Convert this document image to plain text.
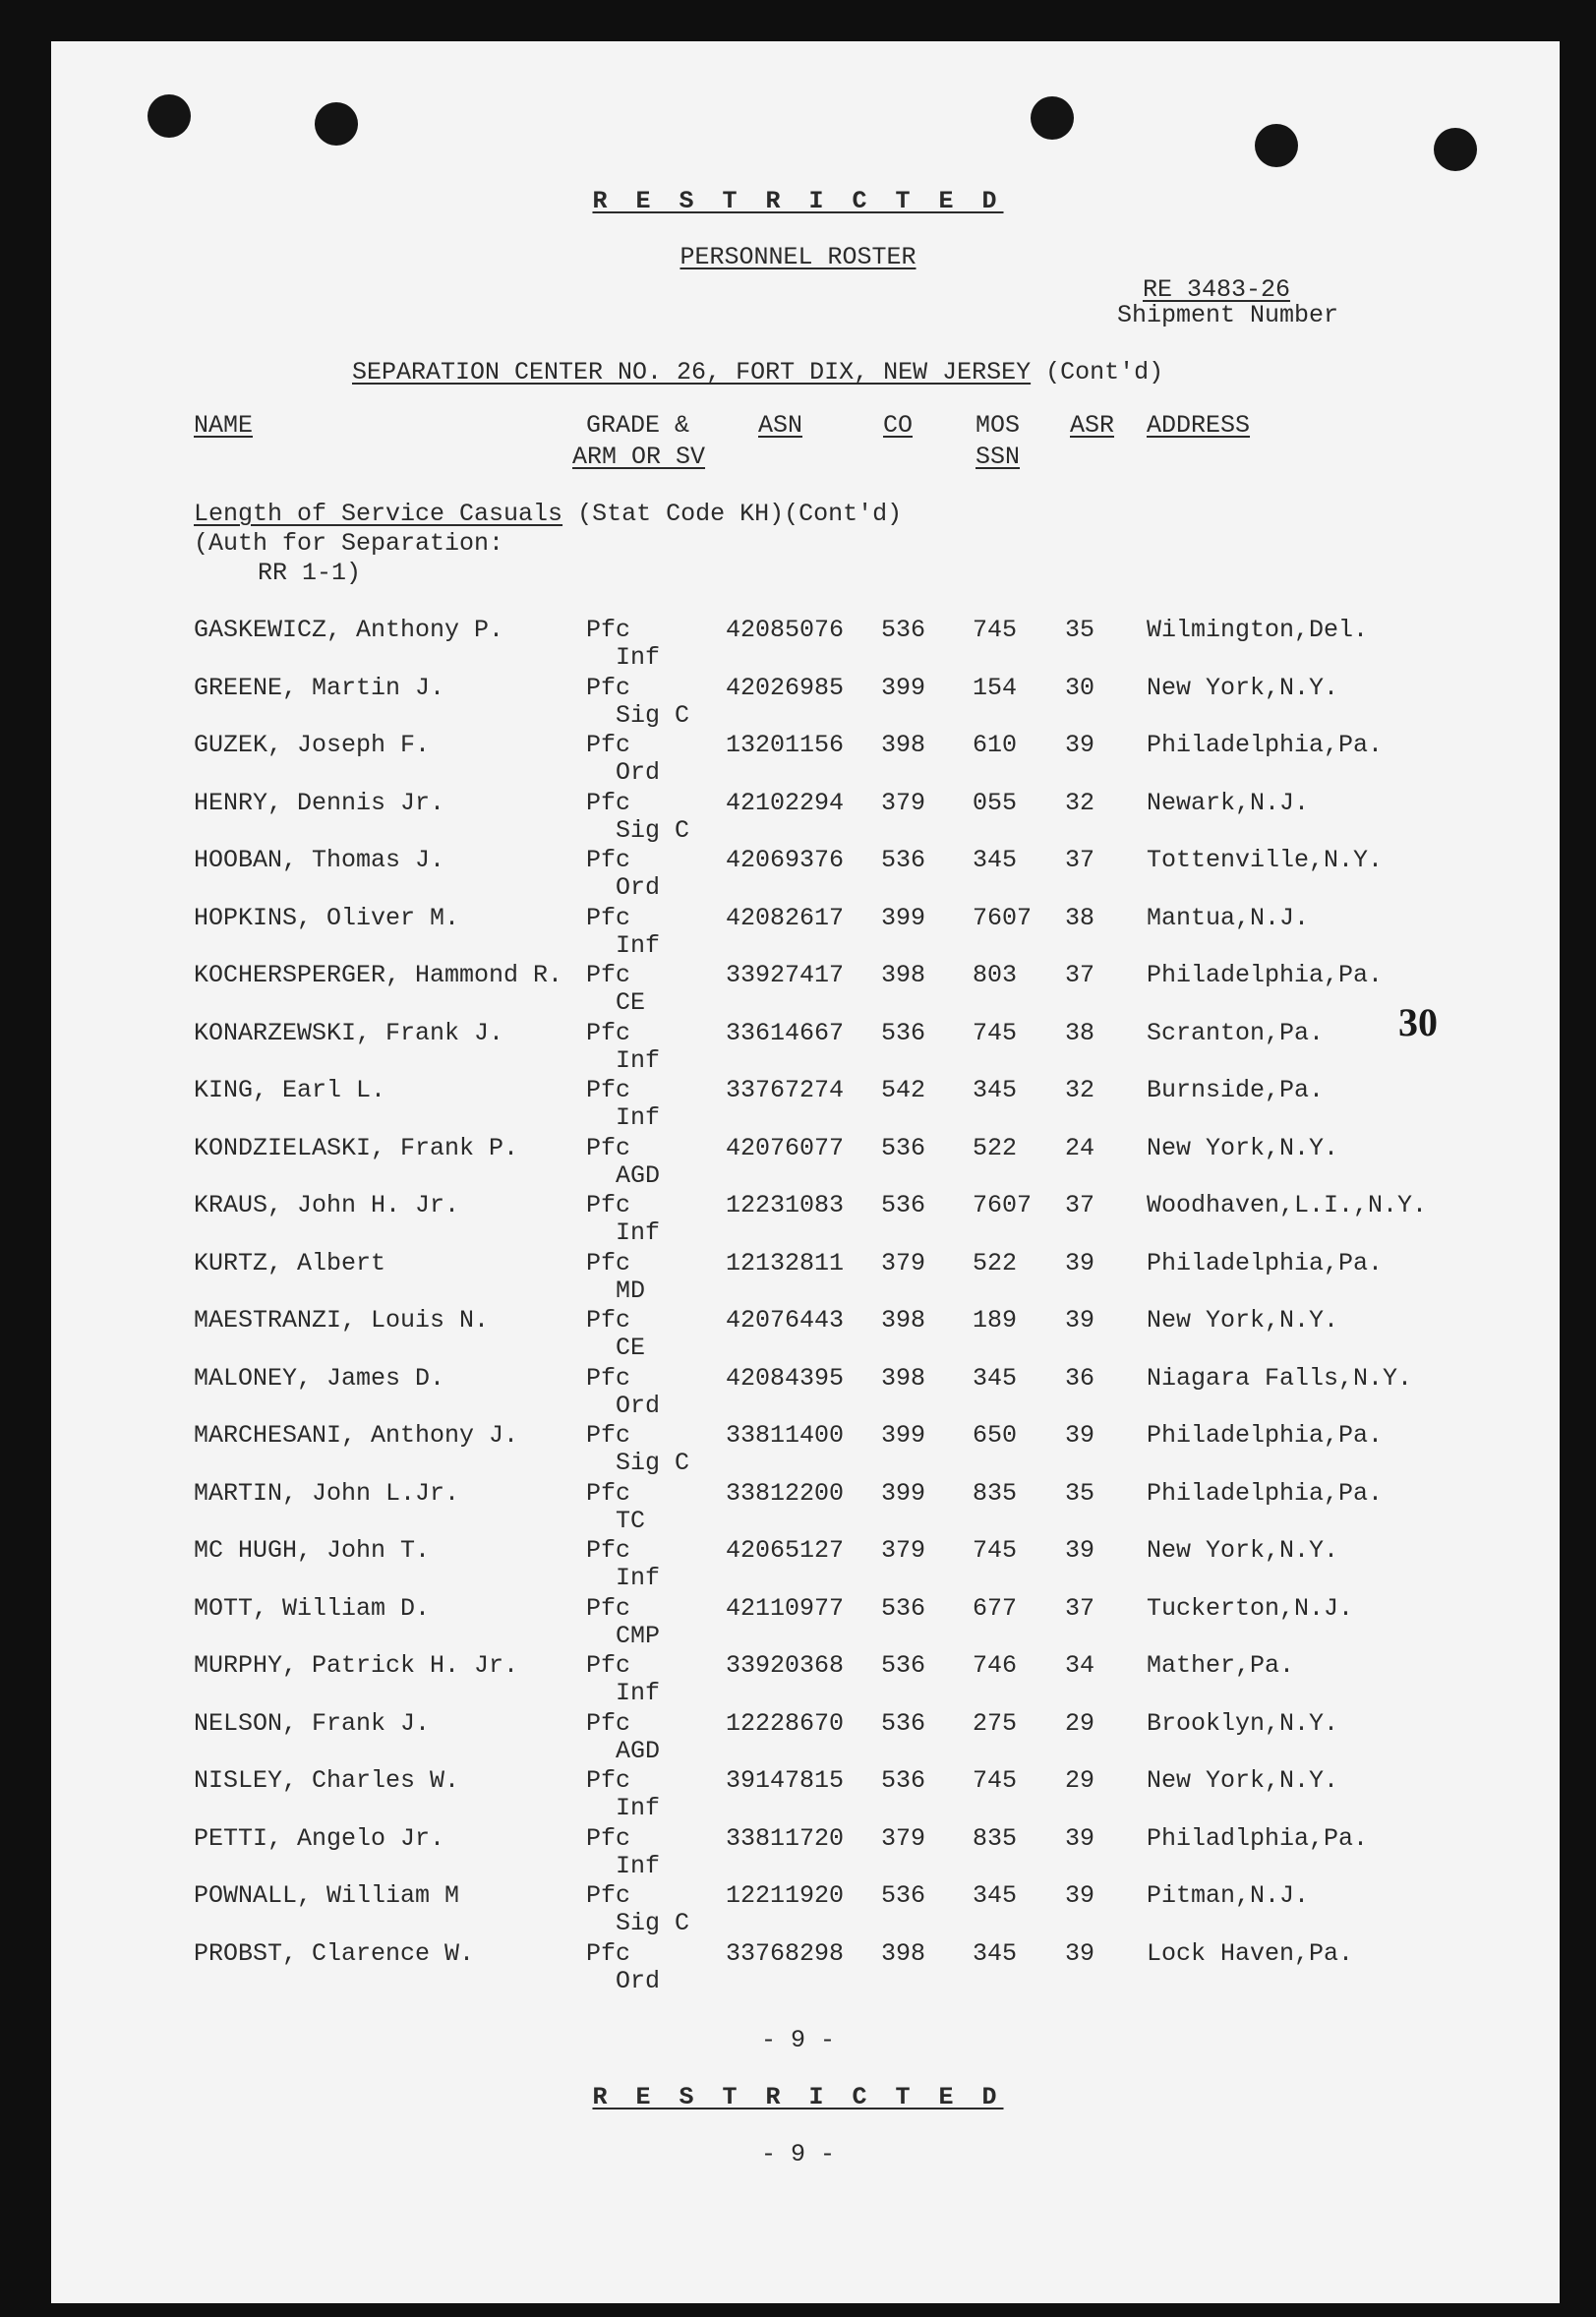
R E S T R I C T E D
PERSONNEL ROSTER
RE 3483-26
Shipment Number
SEPARATION CENTER NO. 26, FORT DIX, NEW JERSEY (Cont'd)
NAME	GRADE &
ARM OR SV
ASN	CO	MOS
SSN
ASR ADDRESS
Length of Service Casuals (Stat Code KH)(Cont'd)
(Auth for Separation:
RR 1-1)
GASKEWICZ, Anthony P.	Pfc
Inf
42085076 536 745 35 Wilmington,Del.
GREENE, Martin J.	Pfc
Sig C
42026985 399 154 30 New York,N.Y.
GUZEK, Joseph F.	Pfc
Ord
13201156 398 610 39 Philadelphia,Pa.
HENRY, Dennis Jr.	Pfc
Sig C
42102294 379 055 32 Newark,N.J.
HOOBAN, Thomas J.	Pfc
Ord
42069376 536 345 37 Tottenville,N.Y.
HOPKINS, Oliver M.	Pfc
Inf
42082617 399 7607 38 Mantua,N.J.
KOCHERSPERGER, Hammond R. Pfc
CE
33927417 398 803 37 Philadelphia,Pa.
KONARZEWSKI, Frank J.	Pfc
Inf
33614667 536 745 38 Scranton,Pa.
KING, Earl L.	Pfc
Inf
33767274 542 345 32 Burnside,Pa.
KONDZIELASKI, Frank P.	Pfc
AGD
42076077 536 522 24 New York,N.Y.
KRAUS, John H. Jr.	Pfc
Inf
12231083 536 7607 37 Woodhaven,L.I.,N.Y.
KURTZ, Albert	Pfc
MD
12132811 379 522 39 Philadelphia,Pa.
MAESTRANZI, Louis N.	Pfc
CE
42076443 398 189 39 New York,N.Y.
MALONEY, James D.	Pfc
Ord
42084395 398 345 36 Niagara Falls,N.Y.
MARCHESANI, Anthony J.	Pfc
Sig C
33811400 399 650 39 Philadelphia,Pa.
MARTIN, John L.Jr.	Pfc
TC
33812200 399 835 35 Philadelphia,Pa.
MC HUGH, John T.	Pfc
Inf
42065127 379 745 39 New York,N.Y.
MOTT, William D.	Pfc
CMP
42110977 536 677 37 Tuckerton,N.J.
MURPHY, Patrick H. Jr.	Pfc
Inf
33920368 536 746 34 Mather,Pa.
NELSON, Frank J.	Pfc
AGD
12228670 536 275 29 Brooklyn,N.Y.
NISLEY, Charles W.	Pfc
Inf
39147815 536 745 29 New York,N.Y.
PETTI, Angelo Jr.	Pfc
Inf
33811720 379 835 39 Philadlphia,Pa.
POWNALL, William M	Pfc
Sig C
12211920 536 345 39 Pitman,N.J.
PROBST, Clarence W.	Pfc
Ord
33768298 398 345 39 Lock Haven,Pa.
30
- 9 -
R E S T R I C T E D
- 9 -
